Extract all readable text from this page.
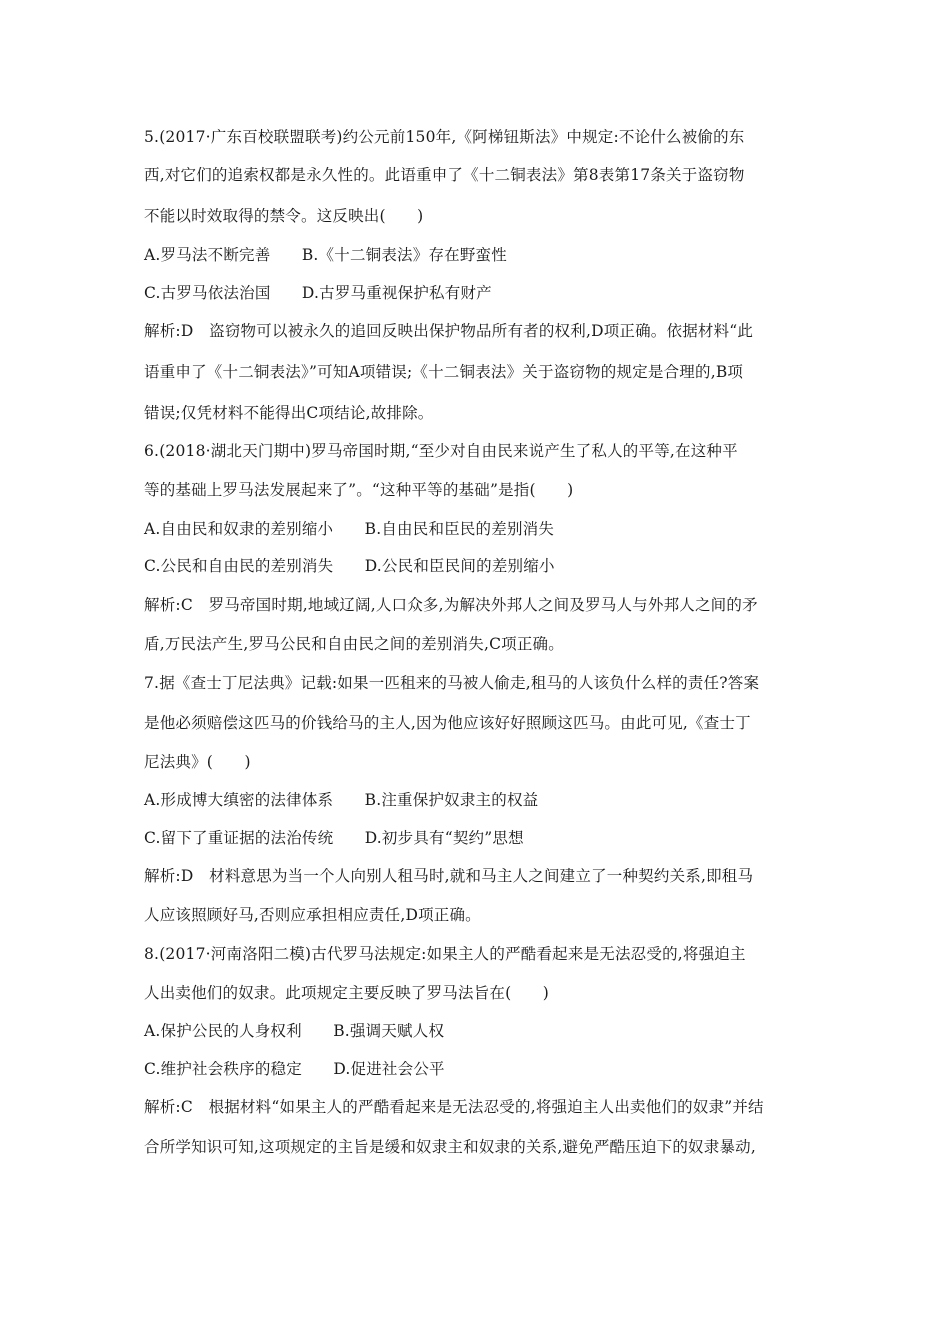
5.(2017·广东百校联盟联考)约公元前150年,《阿梯钮斯法》中规定:不论什么被偷的东
西,对它们的追索权都是永久性的。此语重申了《十二铜表法》第8表第17条关于盗窃物
不能以时效取得的禁令。这反映出(　　)
A.罗马法不断完善　　B.《十二铜表法》存在野蛮性
C.古罗马依法治国　　D.古罗马重视保护私有财产
解析:D　盗窃物可以被永久的追回反映出保护物品所有者的权利,D项正确。依据材料“此
语重申了《十二铜表法》”可知A项错误;《十二铜表法》关于盗窃物的规定是合理的,B项
错误;仅凭材料不能得出C项结论,故排除。
6.(2018·湖北天门期中)罗马帝国时期,“至少对自由民来说产生了私人的平等,在这种平
等的基础上罗马法发展起来了”。“这种平等的基础”是指(　　)
A.自由民和奴隶的差别缩小　　B.自由民和臣民的差别消失
C.公民和自由民的差别消失　　D.公民和臣民间的差别缩小
解析:C　罗马帝国时期,地域辽阔,人口众多,为解决外邦人之间及罗马人与外邦人之间的矛
盾,万民法产生,罗马公民和自由民之间的差别消失,C项正确。
7.据《查士丁尼法典》记载:如果一匹租来的马被人偷走,租马的人该负什么样的责任?答案
是他必须赔偿这匹马的价钱给马的主人,因为他应该好好照顾这匹马。由此可见,《查士丁
尼法典》(　　)
A.形成博大缜密的法律体系　　B.注重保护奴隶主的权益
C.留下了重证据的法治传统　　D.初步具有“契约”思想
解析:D　材料意思为当一个人向别人租马时,就和马主人之间建立了一种契约关系,即租马
人应该照顾好马,否则应承担相应责任,D项正确。
8.(2017·河南洛阳二模)古代罗马法规定:如果主人的严酷看起来是无法忍受的,将强迫主
人出卖他们的奴隶。此项规定主要反映了罗马法旨在(　　)
A.保护公民的人身权利　　B.强调天赋人权
C.维护社会秩序的稳定　　D.促进社会公平
解析:C　根据材料“如果主人的严酷看起来是无法忍受的,将强迫主人出卖他们的奴隶”并结
合所学知识可知,这项规定的主旨是缓和奴隶主和奴隶的关系,避免严酷压迫下的奴隶暴动,
